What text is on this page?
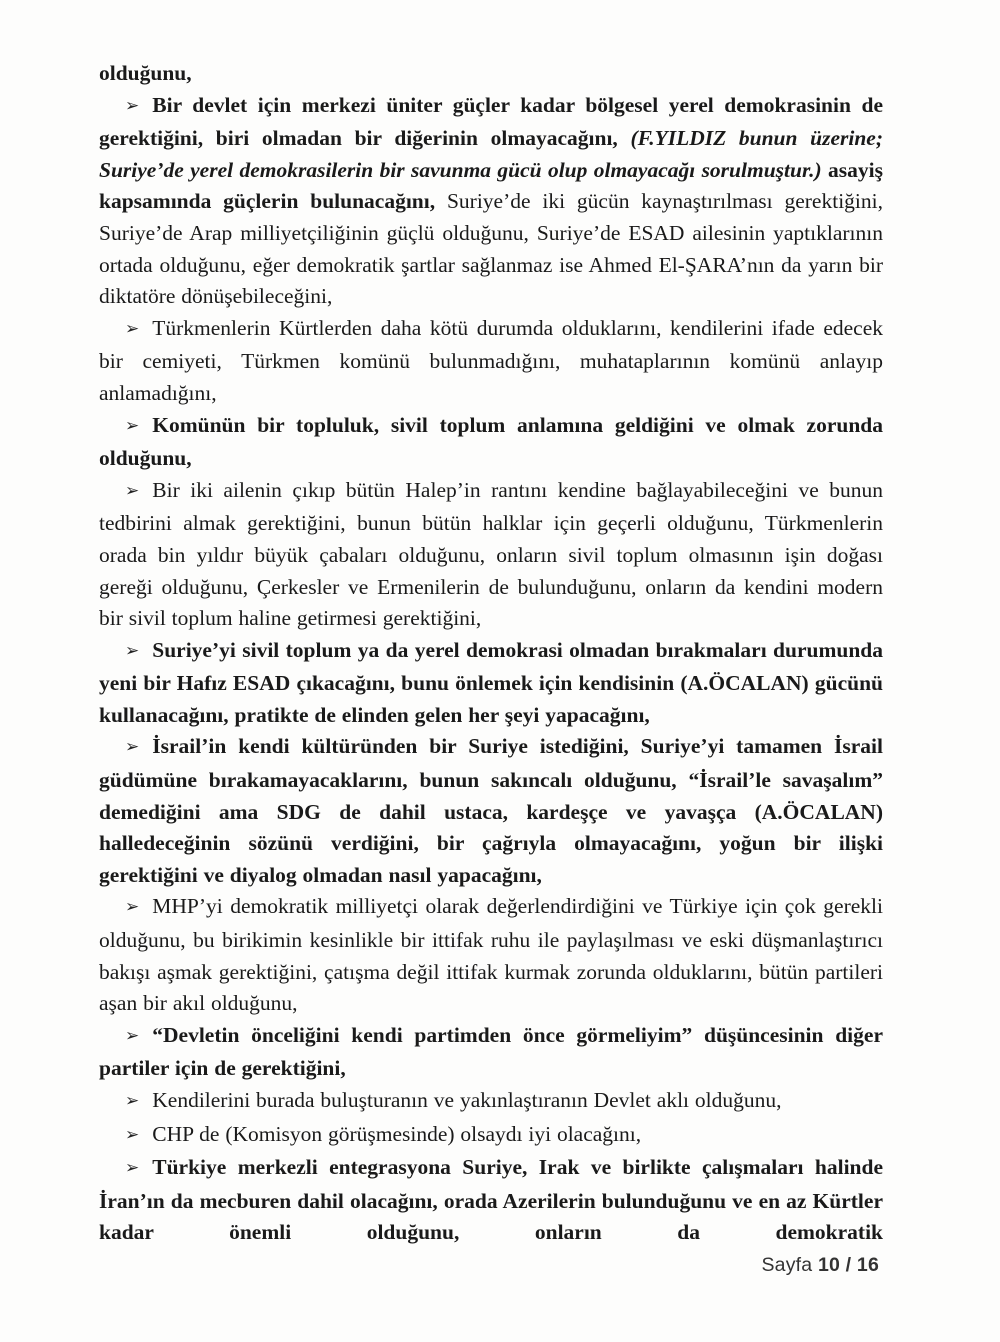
olduğunu,

➢ Bir devlet için merkezi üniter güçler kadar bölgesel yerel demokrasinin de gerektiğini, biri olmadan bir diğerinin olmayacağını, (F.YILDIZ bunun üzerine; Suriye’de yerel demokrasilerin bir savunma gücü olup olmayacağı sorulmuştur.) asayiş kapsamında güçlerin bulunacağını, Suriye’de iki gücün kaynaştırılması gerektiğini, Suriye’de Arap milliyetçiliğinin güçlü olduğunu, Suriye’de ESAD ailesinin yaptıklarının ortada olduğunu, eğer demokratik şartlar sağlanmaz ise Ahmed El-ŞARA’nın da yarın bir diktatöre dönüşebileceğini,

➢ Türkmenlerin Kürtlerden daha kötü durumda olduklarını, kendilerini ifade edecek bir cemiyeti, Türkmen komünü bulunmadığını, muhataplarının komünü anlayıp anlamadığını,

➢ Komünün bir topluluk, sivil toplum anlamına geldiğini ve olmak zorunda olduğunu,

➢ Bir iki ailenin çıkıp bütün Halep’in rantını kendine bağlayabileceğini ve bunun tedbirini almak gerektiğini, bunun bütün halklar için geçerli olduğunu, Türkmenlerin orada bin yıldır büyük çabaları olduğunu, onların sivil toplum olmasının işin doğası gereği olduğunu, Çerkesler ve Ermenilerin de bulunduğunu, onların da kendini modern bir sivil toplum haline getirmesi gerektiğini,

➢ Suriye’yi sivil toplum ya da yerel demokrasi olmadan bırakmaları durumunda yeni bir Hafız ESAD çıkacağını, bunu önlemek için kendisinin (A.ÖCALAN) gücünü kullanacağını, pratikte de elinden gelen her şeyi yapacağını,

➢ İsrail’in kendi kültüründen bir Suriye istediğini, Suriye’yi tamamen İsrail güdümüne bırakamayacaklarını, bunun sakıncalı olduğunu, “İsrail’le savaşalım” demediğini ama SDG de dahil ustaca, kardeşçe ve yavaşça (A.ÖCALAN) halledeceğinin sözünü verdiğini, bir çağrıyla olmayacağını, yoğun bir ilişki gerektiğini ve diyalog olmadan nasıl yapacağını,

➢ MHP’yi demokratik milliyetçi olarak değerlendirdiğini ve Türkiye için çok gerekli olduğunu, bu birikimin kesinlikle bir ittifak ruhu ile paylaşılması ve eski düşmanlaştırıcı bakışı aşmak gerektiğini, çatışma değil ittifak kurmak zorunda olduklarını, bütün partileri aşan bir akıl olduğunu,

➢ “Devletin önceliğini kendi partimden önce görmeliyim” düşüncesinin diğer partiler için de gerektiğini,

➢ Kendilerini burada buluşturanın ve yakınlaştıranın Devlet aklı olduğunu,

➢ CHP de (Komisyon görüşmesinde) olsaydı iyi olacağını,

➢ Türkiye merkezli entegrasyona Suriye, Irak ve birlikte çalışmaları halinde İran’ın da mecburen dahil olacağını, orada Azerilerin bulunduğunu ve en az Kürtler kadar önemli olduğunu, onların da demokratik

Sayfa 10 / 16
